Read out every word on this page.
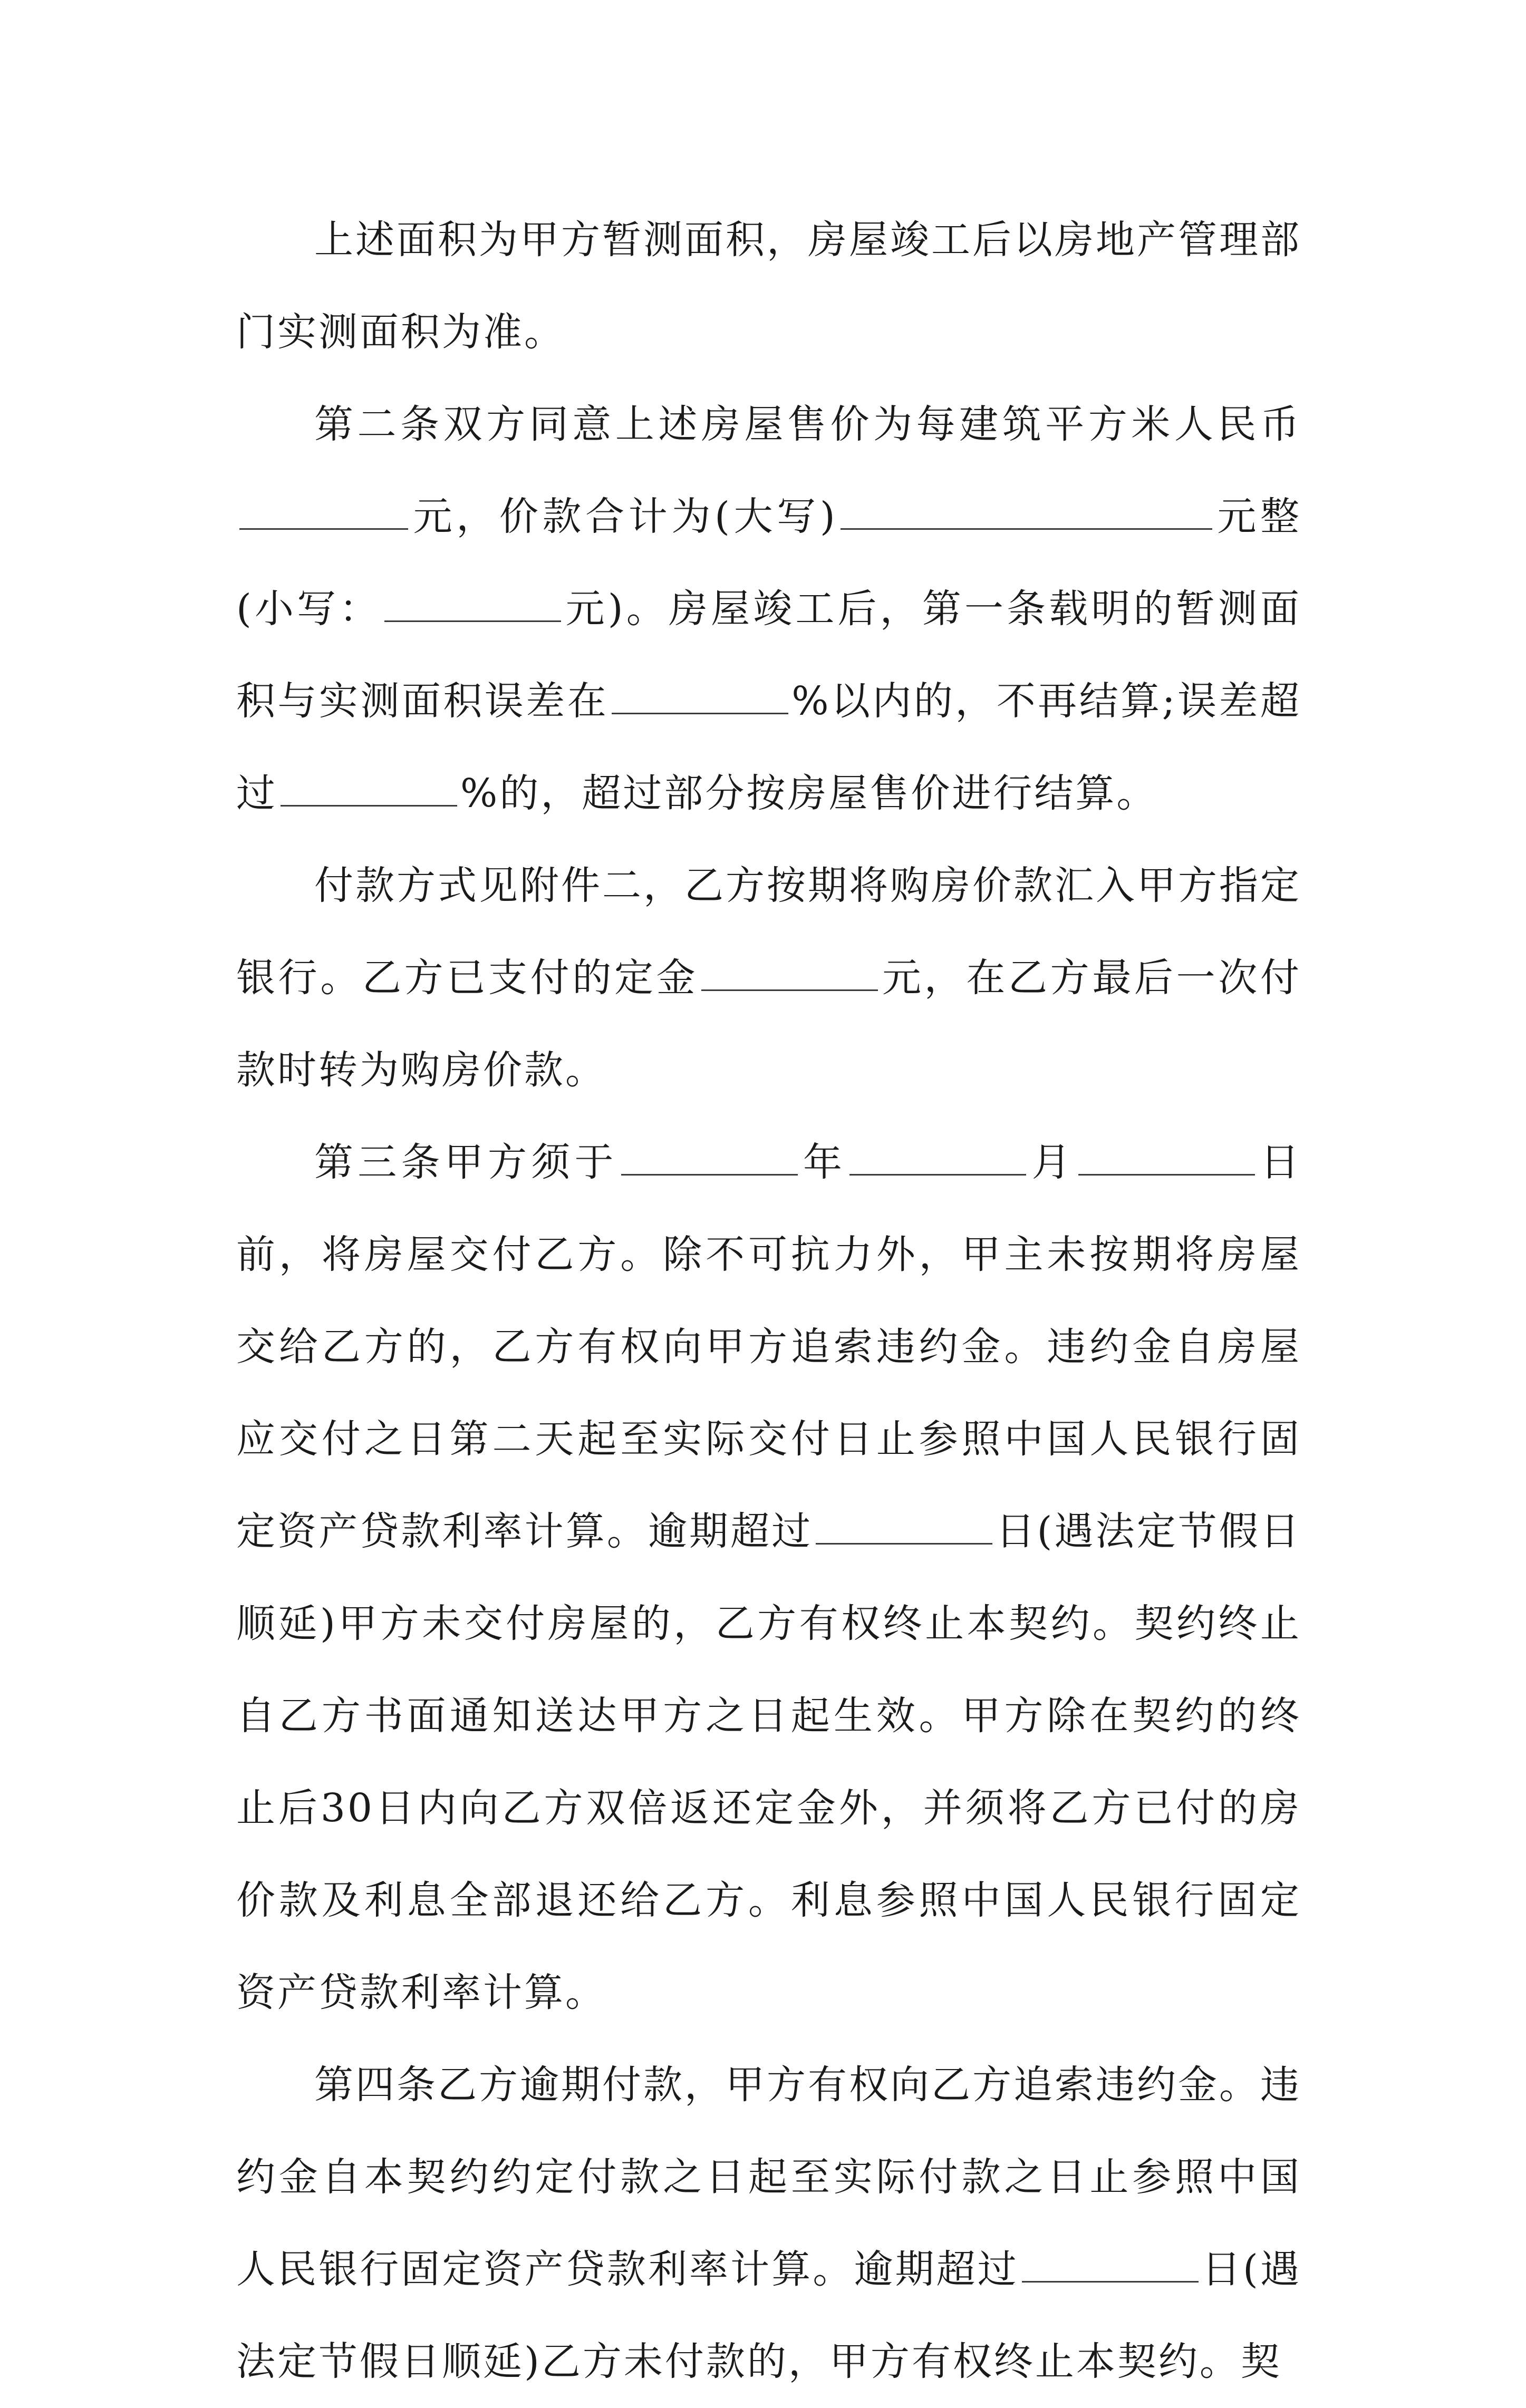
上述面积为甲方暂测面积，房屋竣工后以房地产管理部门实测面积为准。

第二条双方同意上述房屋售价为每建筑平方米人民币元，价款合计为(大写)	元整(小写：	元)。房屋竣工后，第一条载明的暂测面积与实测面积误差在	%以内的，不再结算;误差超过	%的，超过部分按房屋售价进行结算。

付款方式见附件二，乙方按期将购房价款汇入甲方指定银行。乙方已支付的定金	元，在乙方最后一次付款时转为购房价款。

第三条甲方须于	年	月	日前，将房屋交付乙方。除不可抗力外，甲主未按期将房屋交给乙方的，乙方有权向甲方追索违约金。违约金自房屋应交付之日第二天起至实际交付日止参照中国人民银行固定资产贷款利率计算。逾期超过	日(遇法定节假日顺延)甲方未交付房屋的，乙方有权终止本契约。契约终止自乙方书面通知送达甲方之日起生效。甲方除在契约的终止后30日内向乙方双倍返还定金外，并须将乙方已付的房价款及利息全部退还给乙方。利息参照中国人民银行固定资产贷款利率计算。

第四条乙方逾期付款，甲方有权向乙方追索违约金。违约金自本契约约定付款之日起至实际付款之日止参照中国人民银行固定资产贷款利率计算。逾期超过	日(遇法定节假日顺延)乙方未付款的，甲方有权终止本契约。契
